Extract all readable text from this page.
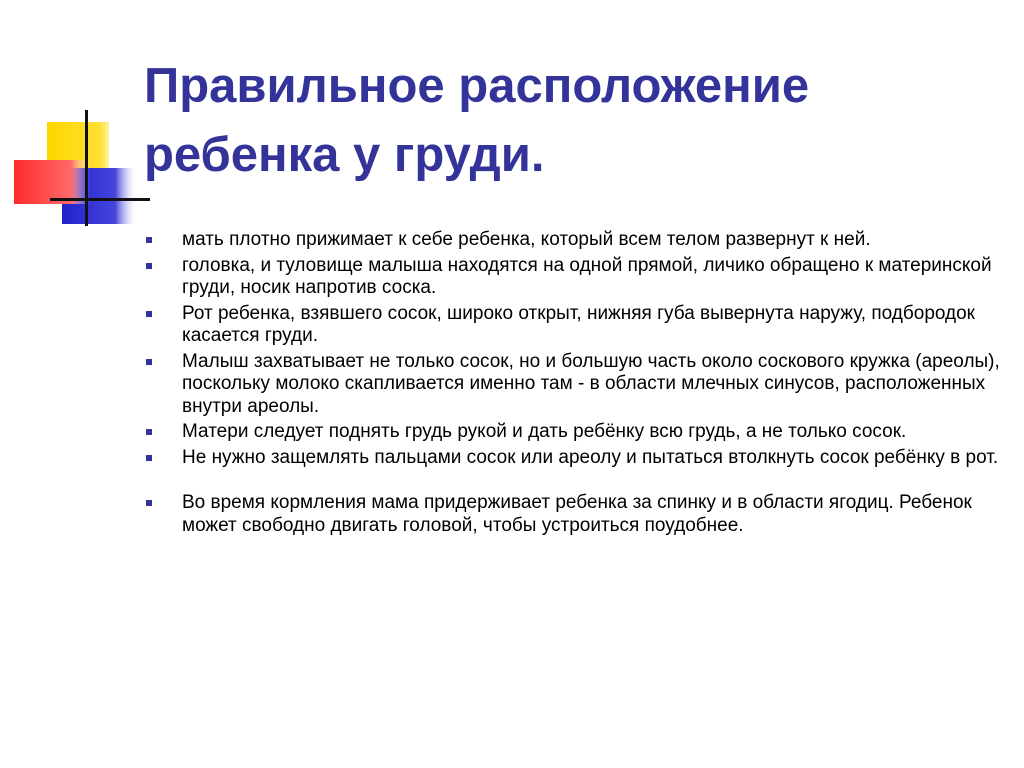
Правильное расположение
ребенка у груди.
мать плотно прижимает к себе ребенка, который всем телом развернут к ней.
головка, и туловище малыша находятся на одной прямой, личико обращено к материнской груди, носик напротив соска.
Рот ребенка, взявшего сосок, широко открыт, нижняя губа вывернута наружу, подбородок касается груди.
Малыш захватывает не только сосок, но и большую часть около соскового кружка (ареолы), поскольку молоко скапливается именно там - в области млечных синусов, расположенных внутри ареолы.
Матери следует поднять грудь рукой и дать ребёнку всю грудь, а не только сосок.
Не нужно защемлять пальцами сосок или ареолу и пытаться втолкнуть сосок ребёнку в рот.
Во время кормления мама придерживает ребенка за спинку и в области ягодиц. Ребенок может свободно двигать головой, чтобы устроиться поудобнее.
